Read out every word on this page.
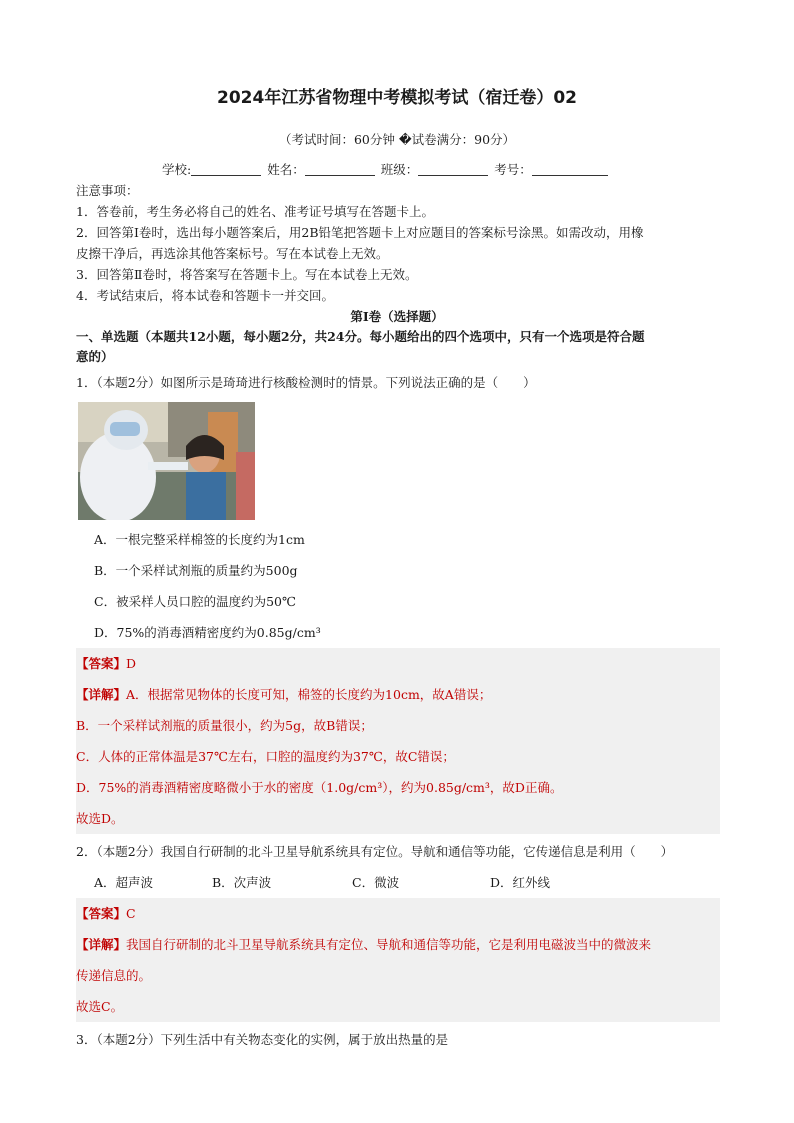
2024年江苏省物理中考模拟考试（宿迁卷）02
（考试时间：60分钟 �试卷满分：90分）
学校:	姓名：	班级：	考号：
注意事项：
1．答卷前，考生务必将自己的姓名、准考证号填写在答题卡上。
2．回答第Ⅰ卷时，选出每小题答案后，用2B铅笔把答题卡上对应题目的答案标号涂黑。如需改动，用橡
皮擦干净后，再选涂其他答案标号。写在本试卷上无效。
3．回答第Ⅱ卷时，将答案写在答题卡上。写在本试卷上无效。
4．考试结束后，将本试卷和答题卡一并交回。
第Ⅰ卷（选择题）
一、单选题（本题共12小题，每小题2分，共24分。每小题给出的四个选项中，只有一个选项是符合题
意的）
1．（本题2分）如图所示是琦琦进行核酸检测时的情景。下列说法正确的是（　　）
A．一根完整采样棉签的长度约为1cm
B．一个采样试剂瓶的质量约为500g
C．被采样人员口腔的温度约为50℃
D．75%的消毒酒精密度约为0.85g/cm³
【答案】D
【详解】A．根据常见物体的长度可知，棉签的长度约为10cm，故A错误；
B．一个采样试剂瓶的质量很小，约为5g，故B错误；
C．人体的正常体温是37℃左右，口腔的温度约为37℃，故C错误；
D．75%的消毒酒精密度略微小于水的密度（1.0g/cm³），约为0.85g/cm³，故D正确。
故选D。
2．（本题2分）我国自行研制的北斗卫星导航系统具有定位。导航和通信等功能，它传递信息是利用（　　）
A．超声波	B．次声波	C．微波	D．红外线
【答案】C
【详解】我国自行研制的北斗卫星导航系统具有定位、导航和通信等功能，它是利用电磁波当中的微波来
传递信息的。
故选C。
3．（本题2分）下列生活中有关物态变化的实例，属于放出热量的是
